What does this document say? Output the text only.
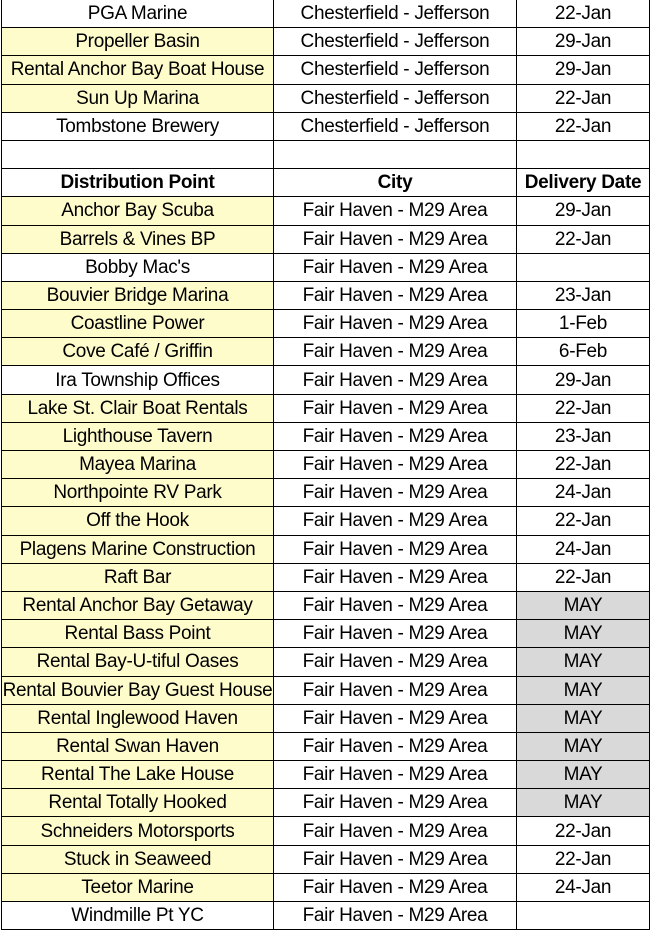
PGA Marine	Chesterfield - Jefferson	22-Jan
Propeller Basin	Chesterfield - Jefferson	29-Jan
Rental Anchor Bay Boat House	Chesterfield - Jefferson	29-Jan
Sun Up Marina	Chesterfield - Jefferson	22-Jan
Tombstone Brewery	Chesterfield - Jefferson	22-Jan

Distribution Point	City	Delivery Date
Anchor Bay Scuba	Fair Haven - M29 Area	29-Jan
Barrels & Vines BP	Fair Haven - M29 Area	22-Jan
Bobby Mac's	Fair Haven - M29 Area	
Bouvier Bridge Marina	Fair Haven - M29 Area	23-Jan
Coastline Power	Fair Haven - M29 Area	1-Feb
Cove Café / Griffin	Fair Haven - M29 Area	6-Feb
Ira Township Offices	Fair Haven - M29 Area	29-Jan
Lake St. Clair Boat Rentals	Fair Haven - M29 Area	22-Jan
Lighthouse Tavern	Fair Haven - M29 Area	23-Jan
Mayea Marina	Fair Haven - M29 Area	22-Jan
Northpointe RV Park	Fair Haven - M29 Area	24-Jan
Off the Hook	Fair Haven - M29 Area	22-Jan
Plagens Marine Construction	Fair Haven - M29 Area	24-Jan
Raft Bar	Fair Haven - M29 Area	22-Jan
Rental Anchor Bay Getaway	Fair Haven - M29 Area	MAY
Rental Bass Point	Fair Haven - M29 Area	MAY
Rental Bay-U-tiful Oases	Fair Haven - M29 Area	MAY
Rental Bouvier Bay Guest House	Fair Haven - M29 Area	MAY
Rental Inglewood Haven	Fair Haven - M29 Area	MAY
Rental Swan Haven	Fair Haven - M29 Area	MAY
Rental The Lake House	Fair Haven - M29 Area	MAY
Rental Totally Hooked	Fair Haven - M29 Area	MAY
Schneiders Motorsports	Fair Haven - M29 Area	22-Jan
Stuck in Seaweed	Fair Haven - M29 Area	22-Jan
Teetor Marine	Fair Haven - M29 Area	24-Jan
Windmille Pt YC	Fair Haven - M29 Area	
